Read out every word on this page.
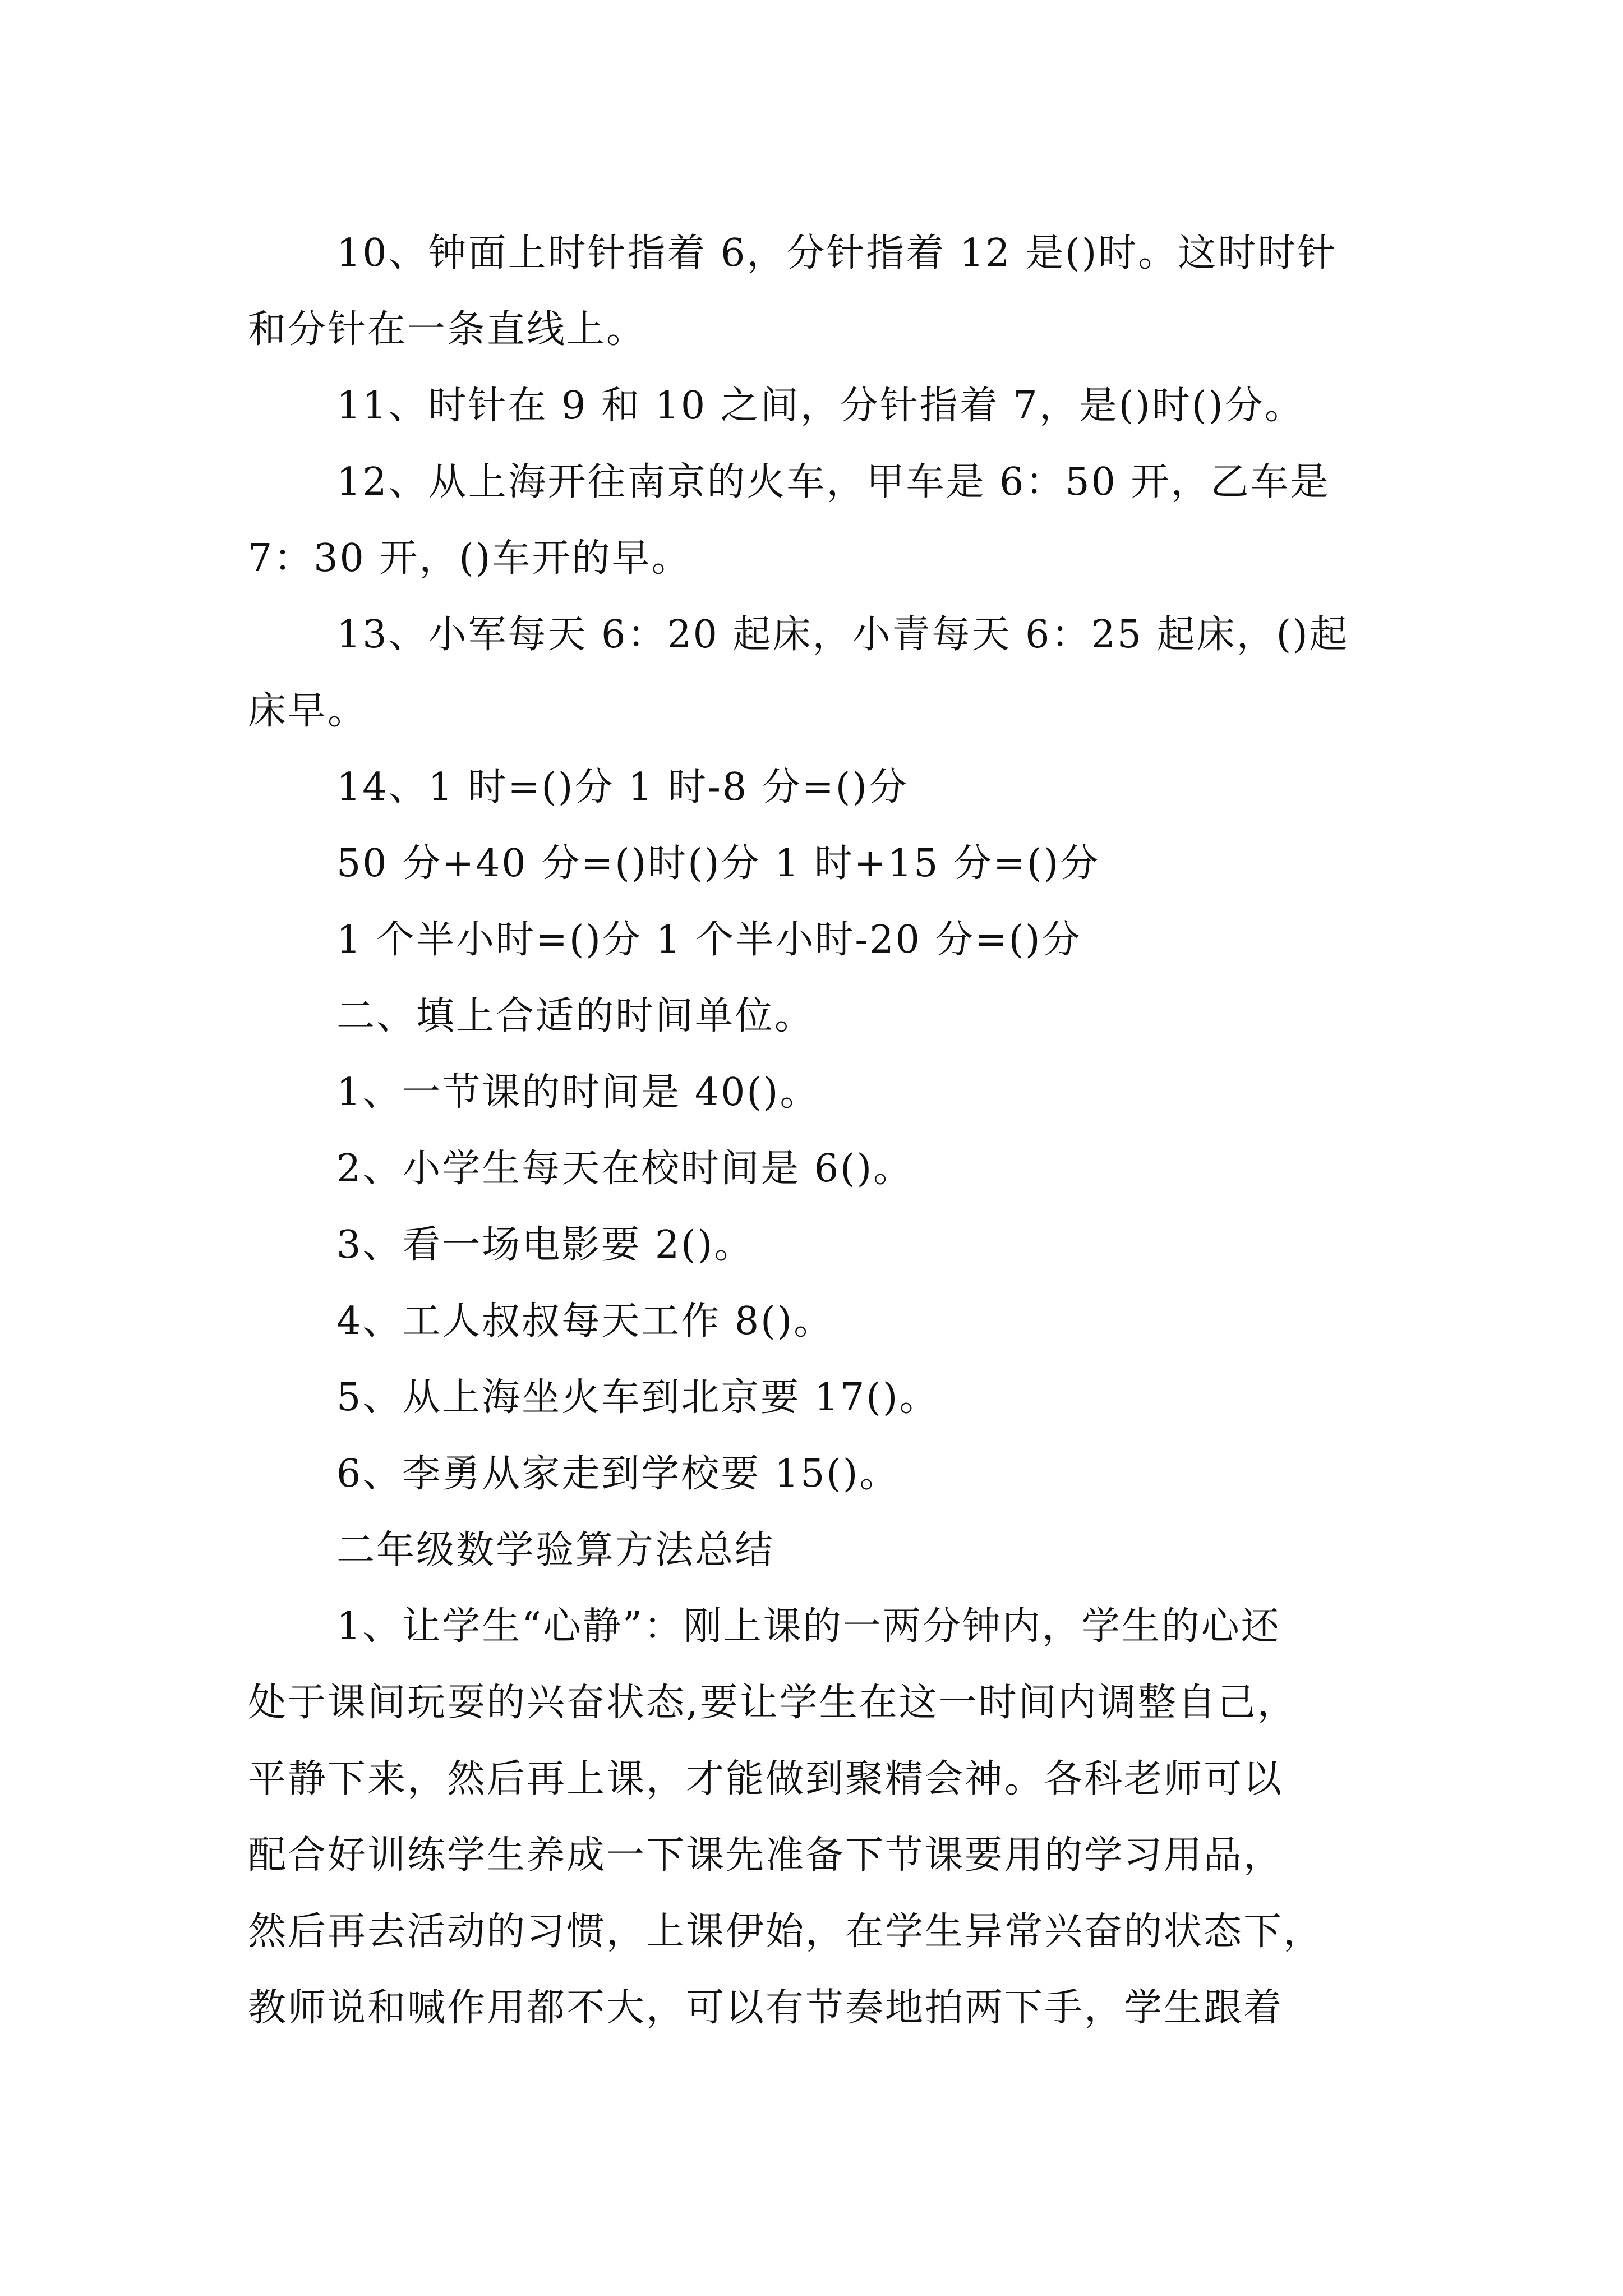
10、钟面上时针指着 6，分针指着 12 是()时。这时时针
和分针在一条直线上。
11、时针在 9 和 10 之间，分针指着 7，是()时()分。
12、从上海开往南京的火车，甲车是 6：50 开，乙车是
7：30 开，()车开的早。
13、小军每天 6：20 起床，小青每天 6：25 起床，()起
床早。
14、1 时=()分 1 时-8 分=()分
50 分+40 分=()时()分 1 时+15 分=()分
1 个半小时=()分 1 个半小时-20 分=()分
二、填上合适的时间单位。
1、一节课的时间是 40()。
2、小学生每天在校时间是 6()。
3、看一场电影要 2()。
4、工人叔叔每天工作 8()。
5、从上海坐火车到北京要 17()。
6、李勇从家走到学校要 15()。
二年级数学验算方法总结
1、让学生“心静”：刚上课的一两分钟内，学生的心还
处于课间玩耍的兴奋状态,要让学生在这一时间内调整自己，
平静下来，然后再上课，才能做到聚精会神。各科老师可以
配合好训练学生养成一下课先准备下节课要用的学习用品，
然后再去活动的习惯，上课伊始，在学生异常兴奋的状态下，
教师说和喊作用都不大，可以有节奏地拍两下手，学生跟着
